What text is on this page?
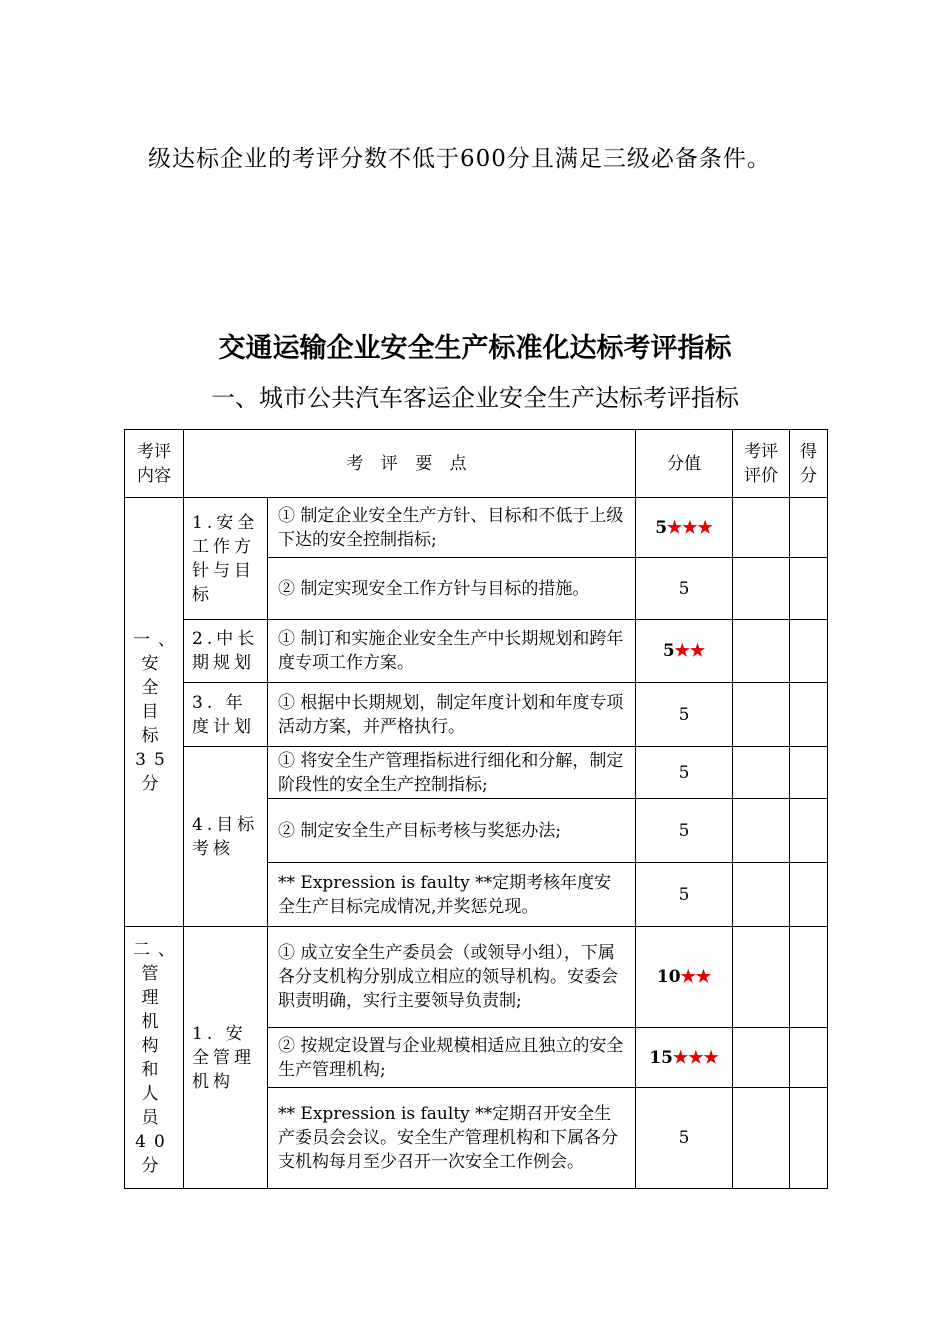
级达标企业的考评分数不低于600分且满足三级必备条件。
交通运输企业安全生产标准化达标考评指标
一、城市公共汽车客运企业安全生产达标考评指标
考评内容	考 评 要 点		分值	考评评价	得分
一、安全目标35分	1.安全工作方针与目标	① 制定企业安全生产方针、目标和不低于上级下达的安全控制指标;	5★★★		
		② 制定实现安全工作方针与目标的措施。	5		
	2.中长期规划	① 制订和实施企业安全生产中长期规划和跨年度专项工作方案。	5★★		
	3. 年度计划	① 根据中长期规划，制定年度计划和年度专项活动方案，并严格执行。	5		
	4.目标考核	① 将安全生产管理指标进行细化和分解，制定阶段性的安全生产控制指标;	5		
		② 制定安全生产目标考核与奖惩办法;	5		
		** Expression is faulty **定期考核年度安全生产目标完成情况,并奖惩兑现。	5		
二、管理机构和人员40分	1. 安全管理机构	① 成立安全生产委员会（或领导小组），下属各分支机构分别成立相应的领导机构。安委会职责明确，实行主要领导负责制;	10★★		
		② 按规定设置与企业规模相适应且独立的安全生产管理机构;	15★★★		
		** Expression is faulty **定期召开安全生产委员会会议。安全生产管理机构和下属各分支机构每月至少召开一次安全工作例会。	5		
